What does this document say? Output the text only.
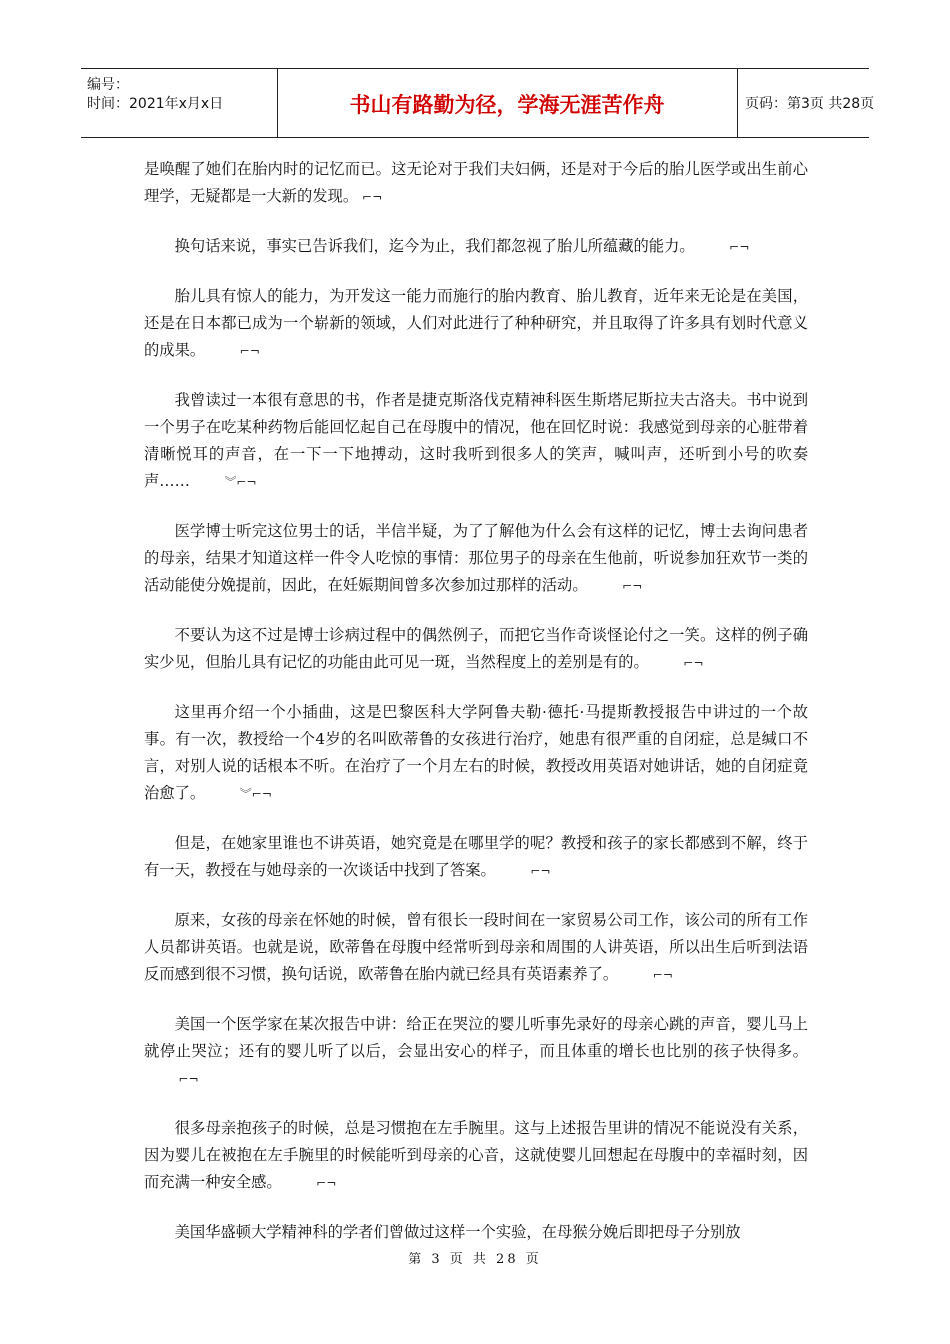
编号：
时间：2021年x月x日	书山有路勤为径，学海无涯苦作舟	页码：第3页 共28页

是唤醒了她们在胎内时的记忆而已。这无论对于我们夫妇俩，还是对于今后的胎儿医学或出生前心理学，无疑都是一大新的发现。 ⌐¬

换句话来说，事实已告诉我们，迄今为止，我们都忽视了胎儿所蕴藏的能力。	⌐¬

胎儿具有惊人的能力，为开发这一能力而施行的胎内教育、胎儿教育，近年来无论是在美国，还是在日本都已成为一个崭新的领域，人们对此进行了种种研究，并且取得了许多具有划时代意义的成果。	⌐¬

我曾读过一本很有意思的书，作者是捷克斯洛伐克精神科医生斯塔尼斯拉夫古洛夫。书中说到一个男子在吃某种药物后能回忆起自己在母腹中的情况，他在回忆时说：我感觉到母亲的心脏带着清晰悦耳的声音，在一下一下地搏动，这时我听到很多人的笑声，喊叫声，还听到小号的吹奏声……	︾⌐¬

医学博士听完这位男士的话，半信半疑，为了了解他为什么会有这样的记忆，博士去询问患者的母亲，结果才知道这样一件令人吃惊的事情：那位男子的母亲在生他前，听说参加狂欢节一类的活动能使分娩提前，因此，在妊娠期间曾多次参加过那样的活动。	⌐¬

不要认为这不过是博士诊病过程中的偶然例子，而把它当作奇谈怪论付之一笑。这样的例子确实少见，但胎儿具有记忆的功能由此可见一斑，当然程度上的差别是有的。	⌐¬

这里再介绍一个小插曲，这是巴黎医科大学阿鲁夫勒·德托·马提斯教授报告中讲过的一个故事。有一次，教授给一个4岁的名叫欧蒂鲁的女孩进行治疗，她患有很严重的自闭症，总是缄口不言，对别人说的话根本不听。在治疗了一个月左右的时候，教授改用英语对她讲话，她的自闭症竟治愈了。	︾⌐¬

但是，在她家里谁也不讲英语，她究竟是在哪里学的呢？教授和孩子的家长都感到不解，终于有一天，教授在与她母亲的一次谈话中找到了答案。	⌐¬

原来，女孩的母亲在怀她的时候，曾有很长一段时间在一家贸易公司工作，该公司的所有工作人员都讲英语。也就是说，欧蒂鲁在母腹中经常听到母亲和周围的人讲英语，所以出生后听到法语反而感到很不习惯，换句话说，欧蒂鲁在胎内就已经具有英语素养了。	⌐¬

美国一个医学家在某次报告中讲：给正在哭泣的婴儿听事先录好的母亲心跳的声音，婴儿马上就停止哭泣；还有的婴儿听了以后，会显出安心的样子，而且体重的增长也比别的孩子快得多。⌐¬

很多母亲抱孩子的时候，总是习惯抱在左手腕里。这与上述报告里讲的情况不能说没有关系，因为婴儿在被抱在左手腕里的时候能听到母亲的心音，这就使婴儿回想起在母腹中的幸福时刻，因而充满一种安全感。	⌐¬

美国华盛顿大学精神科的学者们曾做过这样一个实验，在母猴分娩后即把母子分别放

第 3 页 共 28 页
